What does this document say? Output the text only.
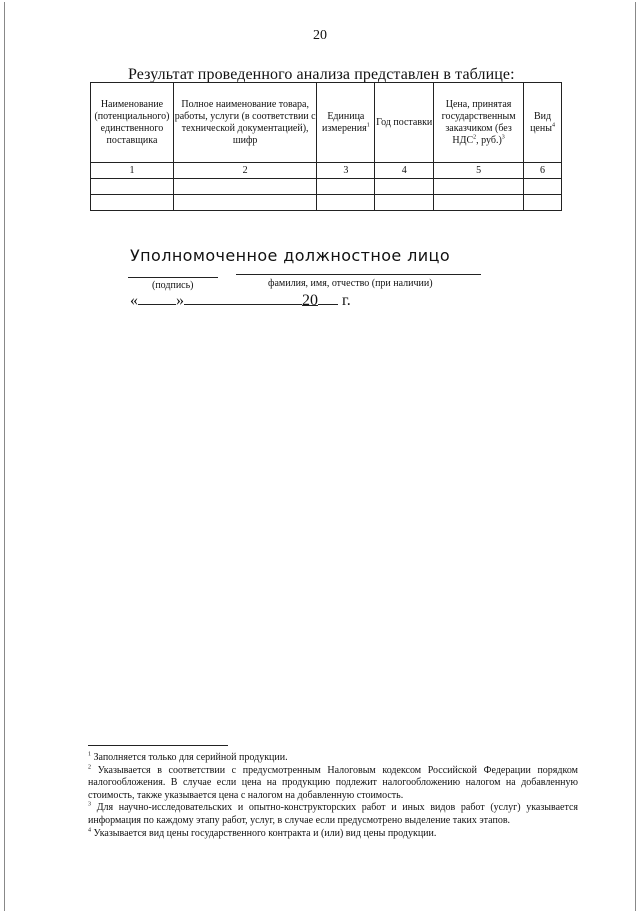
20
Результат проведенного анализа представлен в таблице:
Наименование (потенциального) единственного поставщика	Полное наименование товара, работы, услуги (в соответствии с технической документацией), шифр	Единица измерения$^1$	Год поставки	Цена, принятая государственным заказчиком (без НДС$^2$, руб.)$^3$	Вид цены$^4$
1	2	3	4	5	6

Уполномоченное должностное лицо
(подпись)	фамилия, имя, отчество (при наличии)
« »	20 г.

$^1$ Заполняется только для серийной продукции.

$^2$ Указывается в соответствии с предусмотренным Налоговым кодексом Российской Федерации порядком налогообложения. В случае если цена на продукцию подлежит налогообложению налогом на добавленную стоимость, также указывается цена с налогом на добавленную стоимость.

$^3$ Для научно-исследовательских и опытно-конструкторских работ и иных видов работ (услуг) указывается информация по каждому этапу работ, услуг, в случае если предусмотрено выделение таких этапов.

$^4$ Указывается вид цены государственного контракта и (или) вид цены продукции.
